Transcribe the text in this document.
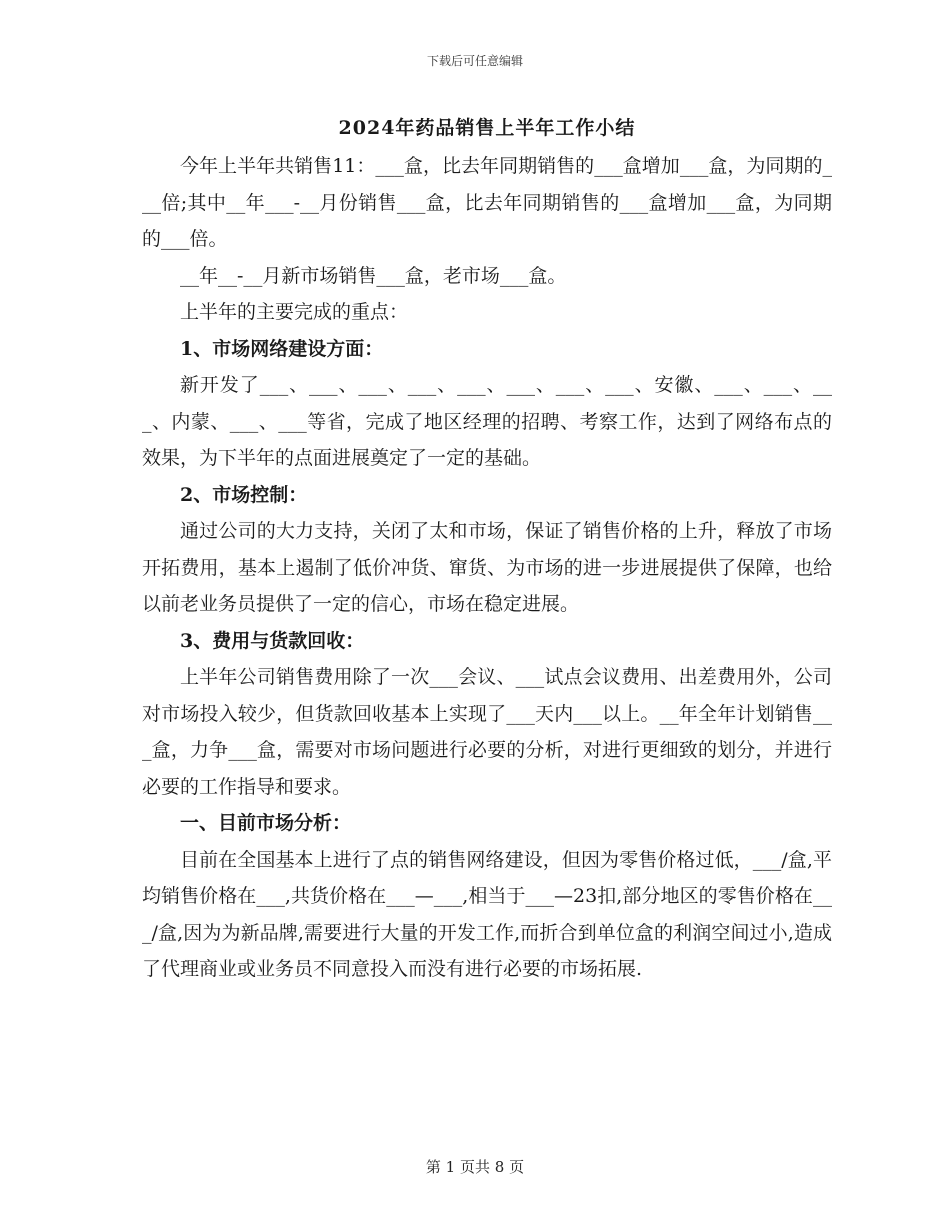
下载后可任意编辑
2024年药品销售上半年工作小结

今年上半年共销售11：___盒，比去年同期销售的___盒增加___盒，为同期的___倍;其中__年___-__月份销售___盒，比去年同期销售的___盒增加___盒，为同期的___倍。

__年__-__月新市场销售___盒，老市场___盒。

上半年的主要完成的重点：

1、市场网络建设方面：

新开发了___、___、___、___、___、___、___、___、安徽、___、___、___、内蒙、___、___等省，完成了地区经理的招聘、考察工作，达到了网络布点的效果，为下半年的点面进展奠定了一定的基础。

2、市场控制：

通过公司的大力支持，关闭了太和市场，保证了销售价格的上升，释放了市场开拓费用，基本上遏制了低价冲货、窜货、为市场的进一步进展提供了保障，也给以前老业务员提供了一定的信心，市场在稳定进展。

3、费用与货款回收：

上半年公司销售费用除了一次___会议、___试点会议费用、出差费用外，公司对市场投入较少，但货款回收基本上实现了___天内___以上。__年全年计划销售___盒，力争___盒，需要对市场问题进行必要的分析，对进行更细致的划分，并进行必要的工作指导和要求。

一、目前市场分析：

目前在全国基本上进行了点的销售网络建设，但因为零售价格过低，___/盒,平均销售价格在___,共货价格在___—___,相当于___—23扣,部分地区的零售价格在___/盒,因为为新品牌,需要进行大量的开发工作,而折合到单位盒的利润空间过小,造成了代理商业或业务员不同意投入而没有进行必要的市场拓展.

第 1 页共 8 页
